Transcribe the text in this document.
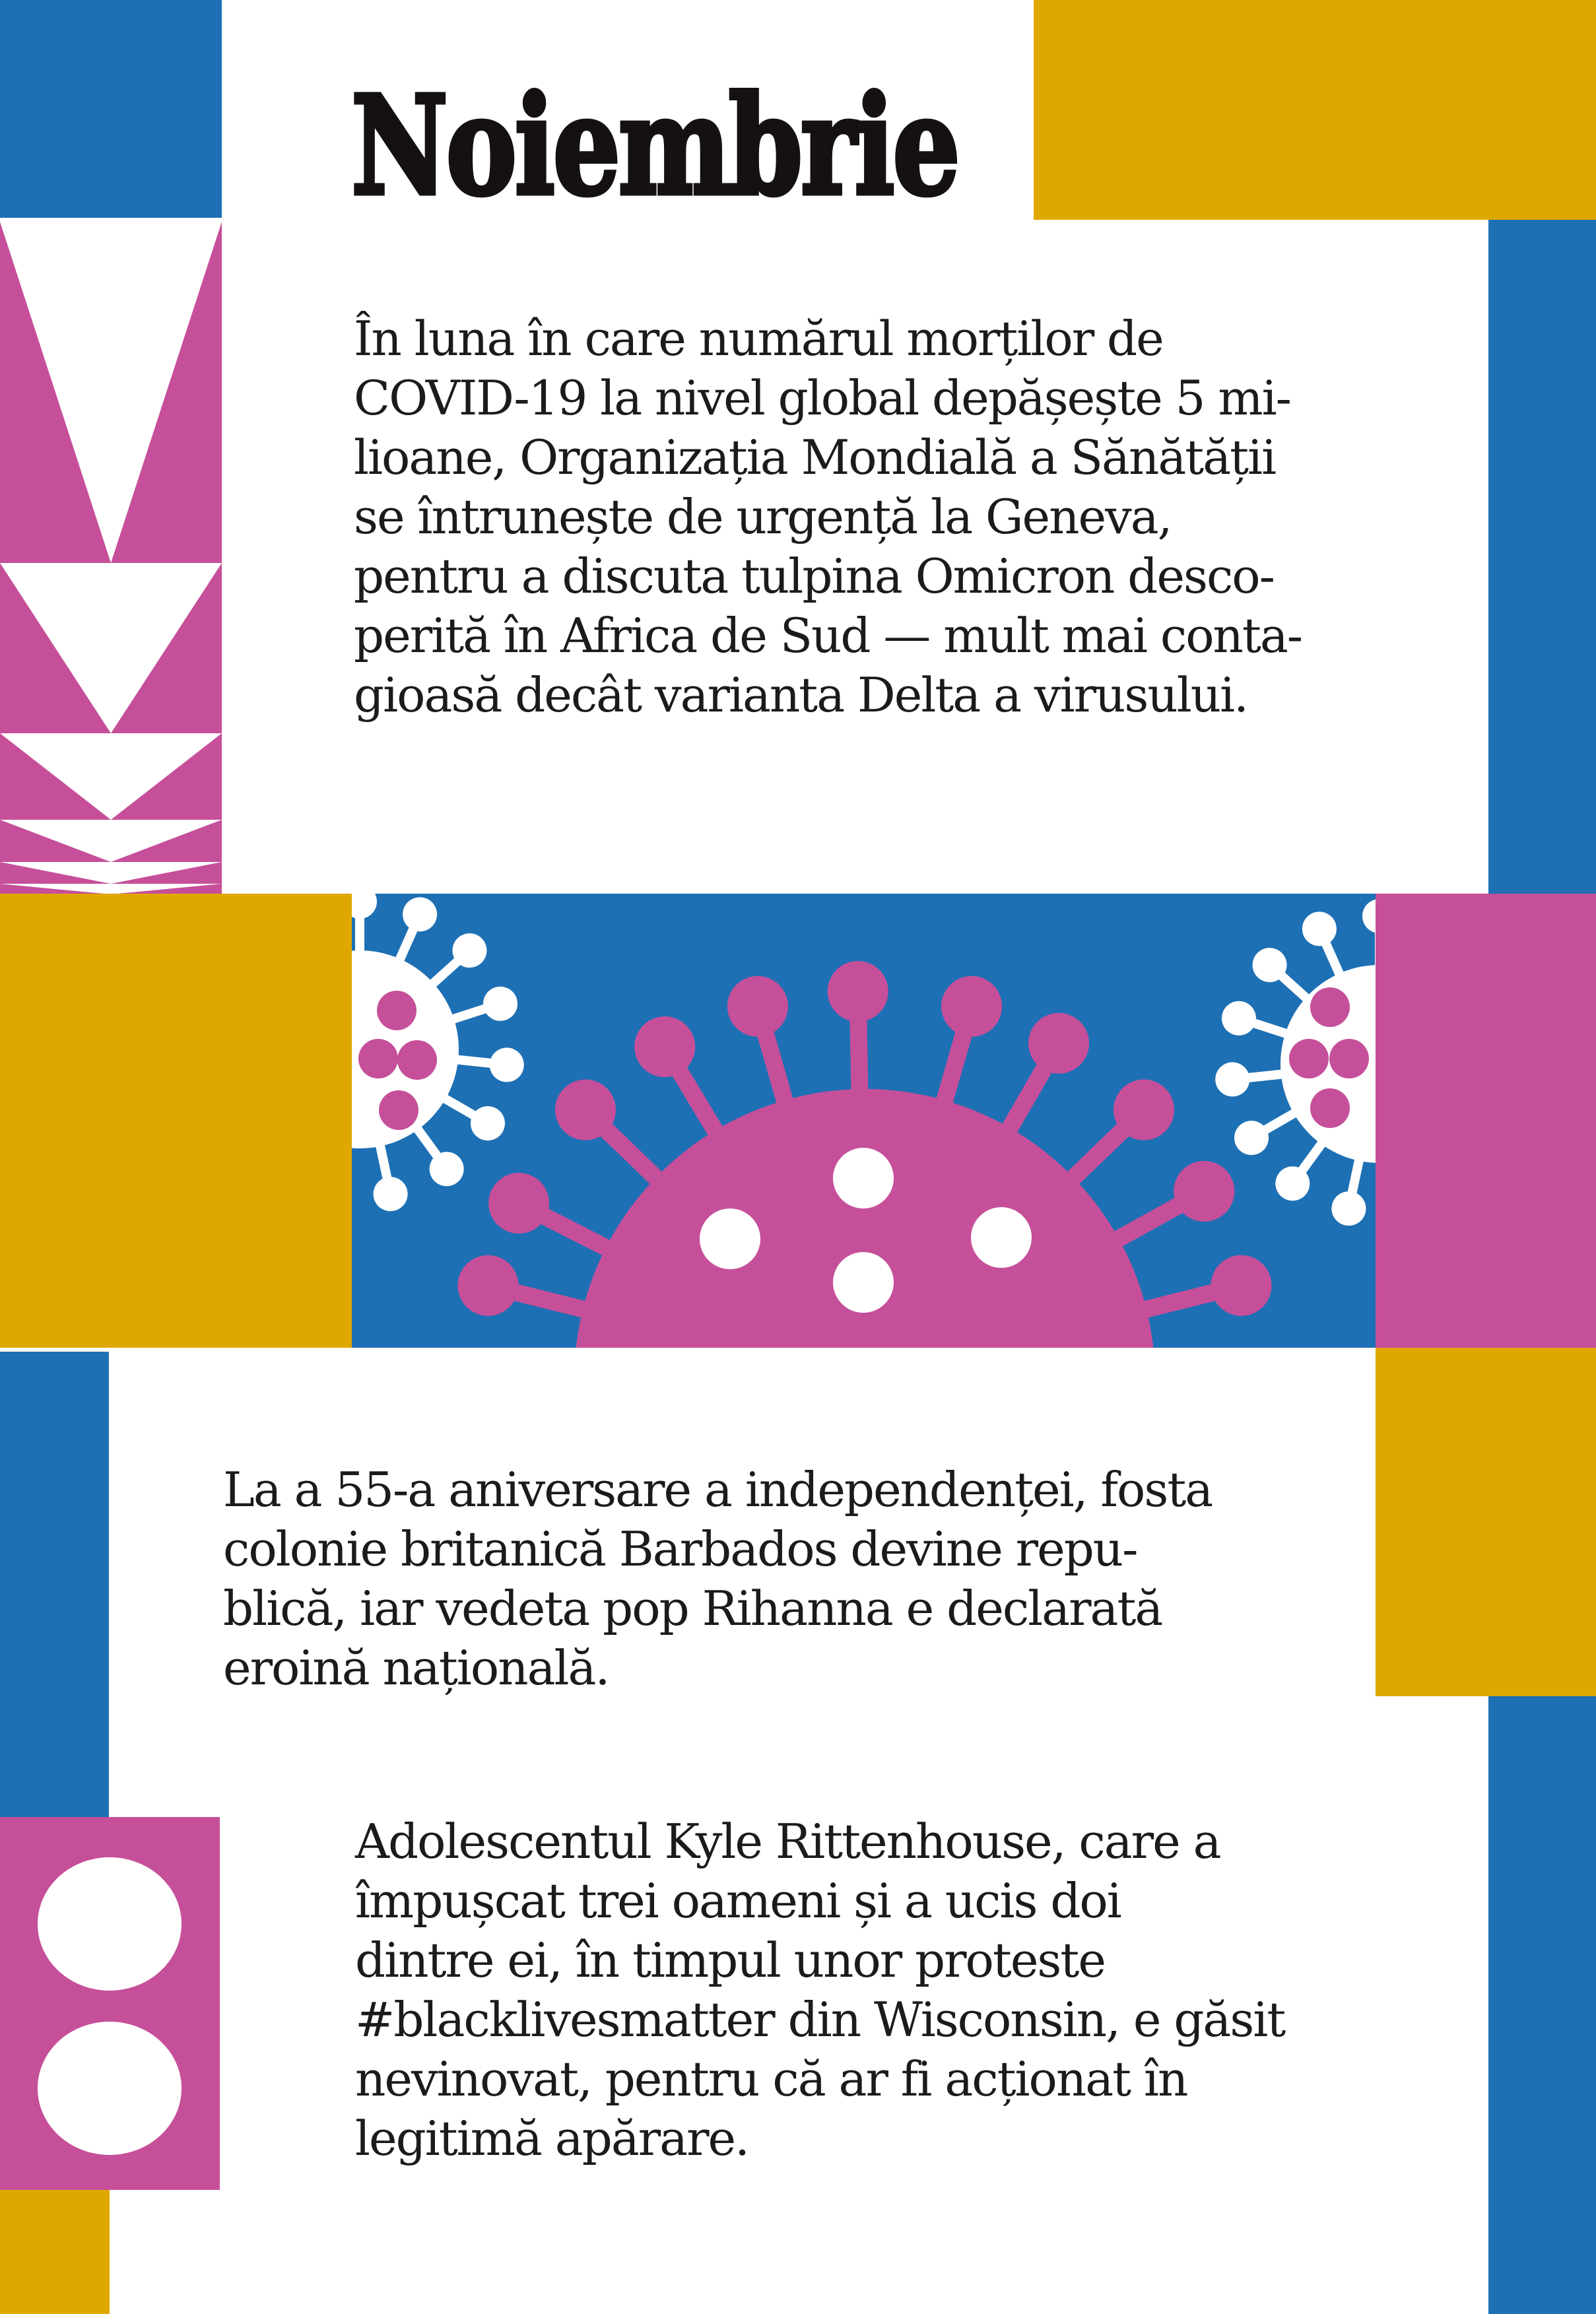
Noiembrie
În luna în care numărul morților de
COVID-19 la nivel global depășește 5 mi-
lioane, Organizația Mondială a Sănătății
se întrunește de urgență la Geneva,
pentru a discuta tulpina Omicron desco-
perită în Africa de Sud — mult mai conta-
gioasă decât varianta Delta a virusului.
La a 55-a aniversare a independenței, fosta
colonie britanică Barbados devine repu-
blică, iar vedeta pop Rihanna e declarată
eroină națională.
Adolescentul Kyle Rittenhouse, care a
împușcat trei oameni și a ucis doi
dintre ei, în timpul unor proteste
#blacklivesmatter din Wisconsin, e găsit
nevinovat, pentru că ar fi acționat în
legitimă apărare.
